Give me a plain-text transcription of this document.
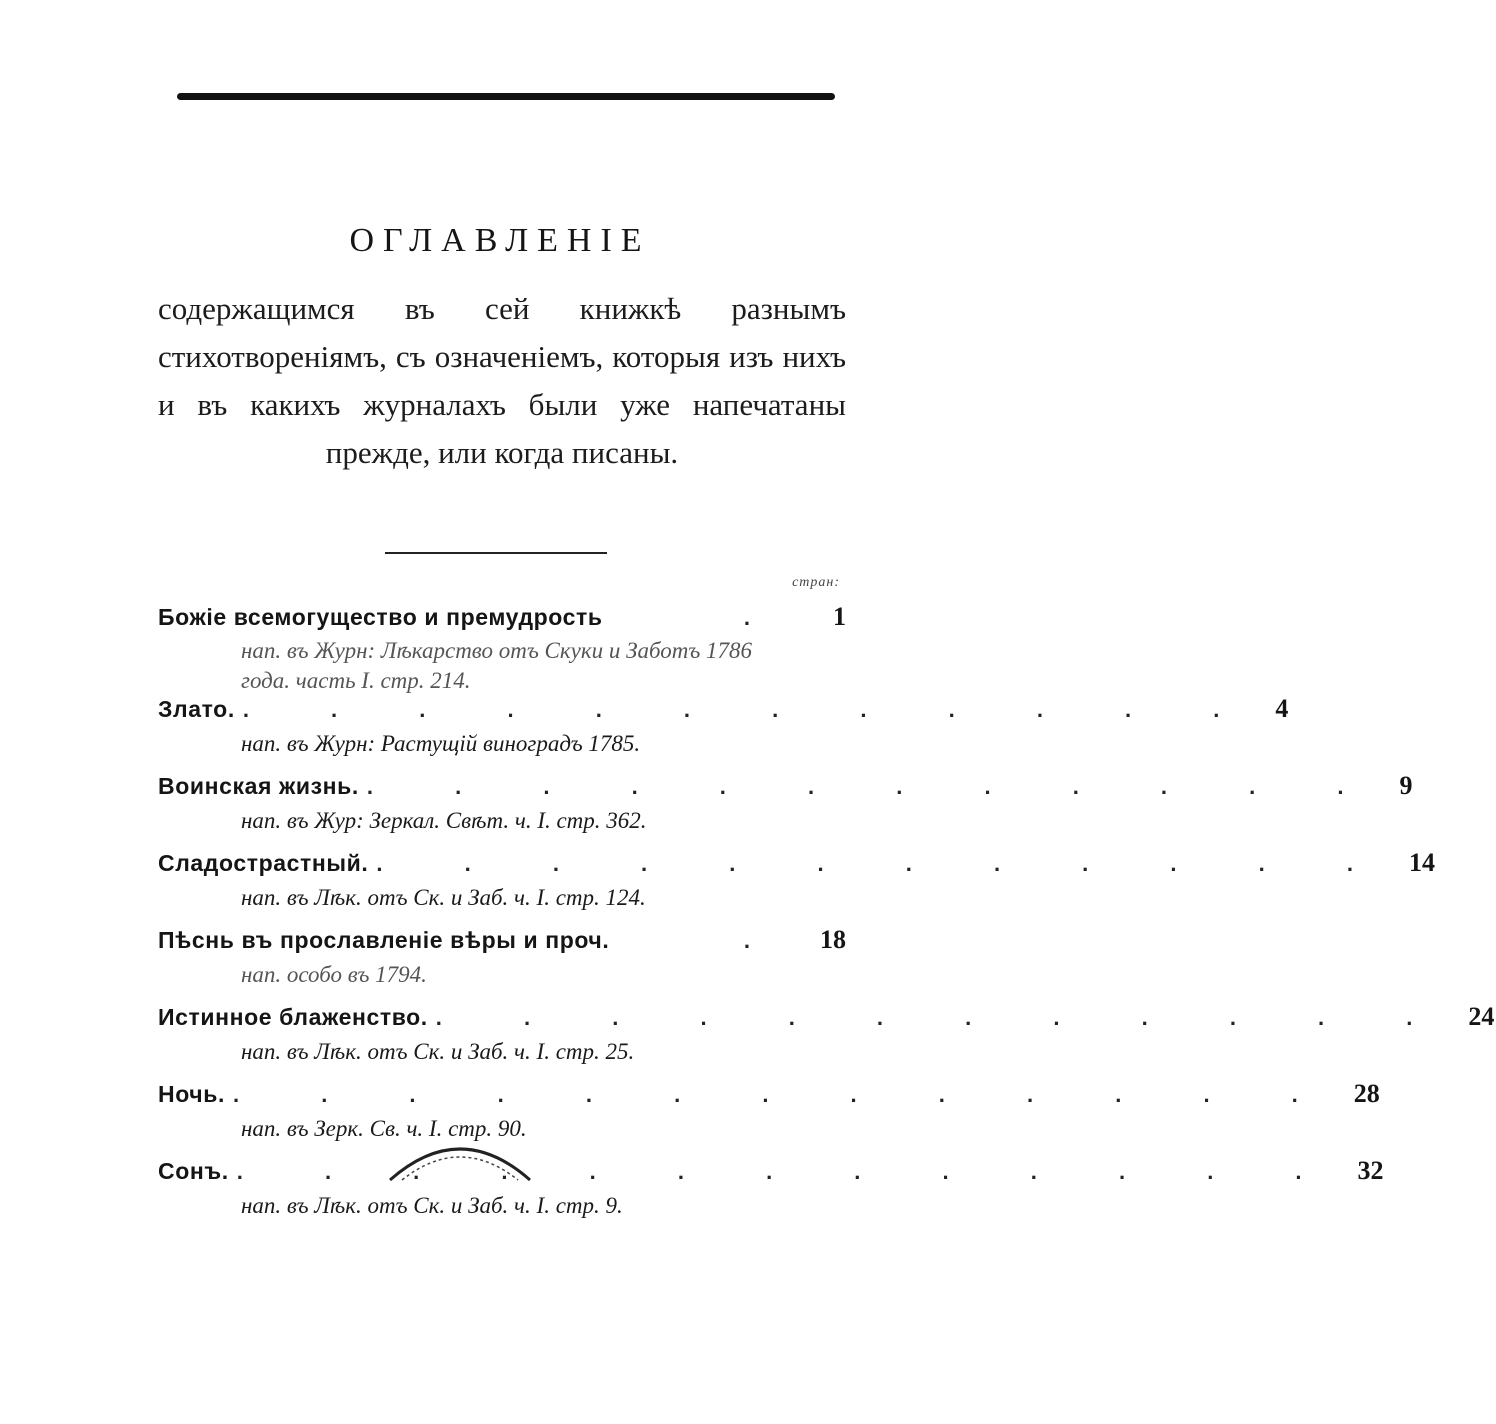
ОГЛАВЛЕНІЕ
содержащимся въ сей книжкѣ разнымъ стихотвореніямъ, съ означеніемъ, которыя изъ нихъ и въ какихъ журналахъ были уже напечатаны прежде, или когда писаны.
стран:
Божіе всемогущество и премудрость	.	1
нап. въ Журн: Лѣкарство отъ Скуки и Заботъ 1786 года. часть I. стр. 214.
Злато. . . . . . . . . . . . . 4
нап. въ Журн: Растущій виноградъ 1785.
Воинская жизнь. . . . . . . . . . . . . 9
нап. въ Жур: Зеркал. Свѣт. ч. I. стр. 362.
Сладострастный. . . . . . . . . . . . . 14
нап. въ Лѣк. отъ Ск. и Заб. ч. I. стр. 124.
Пѣснь въ прославленіе вѣры и проч.	.	18
нап. особо въ 1794.
Истинное блаженство. . . . . . . . . . . . . 24
нап. въ Лѣк. отъ Ск. и Заб. ч. I. стр. 25.
Ночь. . . . . . . . . . . . . . 28
нап. въ Зерк. Св. ч. I. стр. 90.
Сонъ. . . . . . . . . . . . . . 32
нап. въ Лѣк. отъ Ск. и Заб. ч. I. стр. 9.
